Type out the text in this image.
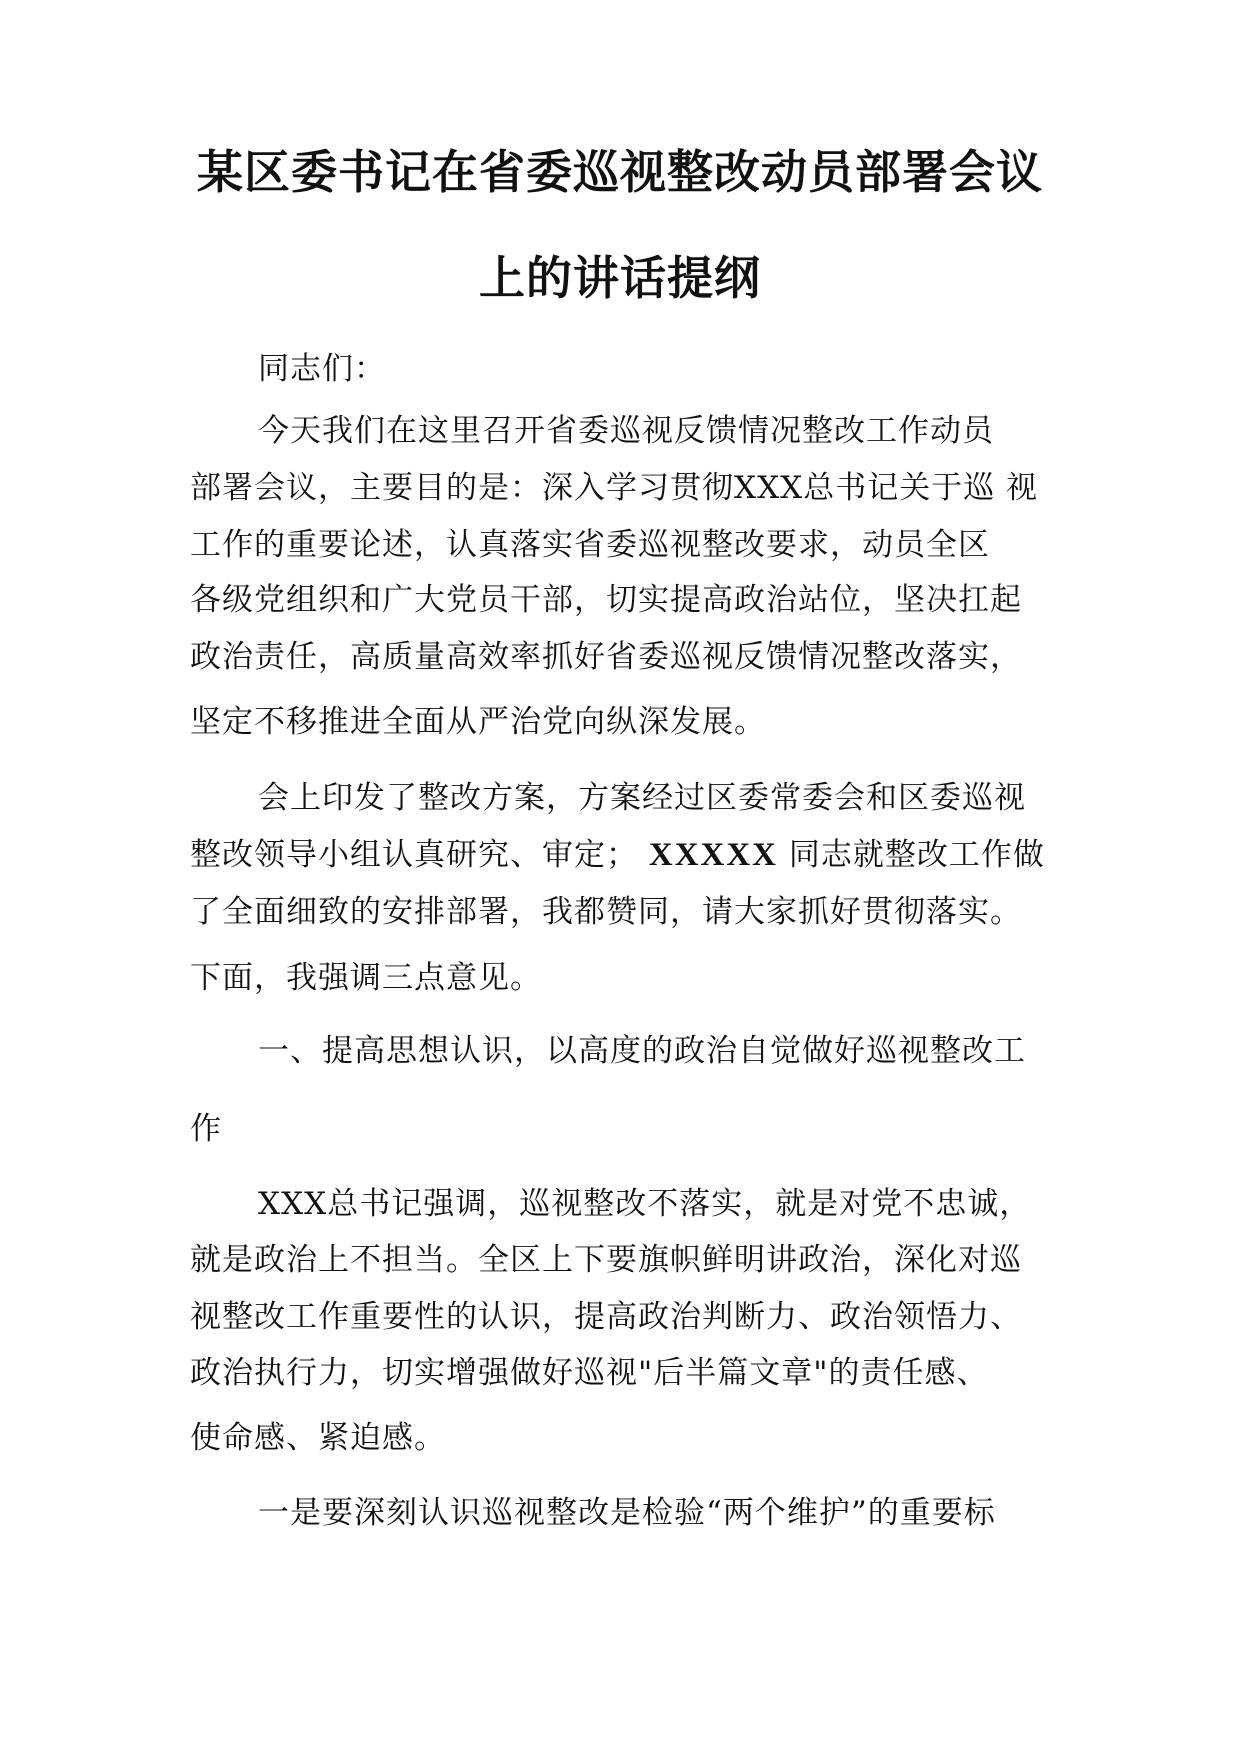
某区委书记在省委巡视整改动员部署会议
上的讲话提纲

同志们：

今天我们在这里召开省委巡视反馈情况整改工作动员

部署会议，主要目的是：深入学习贯彻XXX总书记关于巡 视

工作的重要论述，认真落实省委巡视整改要求，动员全区

各级党组织和广大党员干部，切实提高政治站位，坚决扛起

政治责任，高质量高效率抓好省委巡视反馈情况整改落实，

坚定不移推进全面从严治党向纵深发展。

会上印发了整改方案，方案经过区委常委会和区委巡视

整改领导小组认真研究、审定； XXXXX 同志就整改工作做

了全面细致的安排部署，我都赞同，请大家抓好贯彻落实。

下面，我强调三点意见。

一、提高思想认识，以高度的政治自觉做好巡视整改工

作

XXX总书记强调，巡视整改不落实，就是对党不忠诚，

就是政治上不担当。全区上下要旗帜鲜明讲政治，深化对巡

视整改工作重要性的认识，提高政治判断力、政治领悟力、

政治执行力，切实增强做好巡视"后半篇文章"的责任感、

使命感、紧迫感。

一是要深刻认识巡视整改是检验“两个维护”的重要标
